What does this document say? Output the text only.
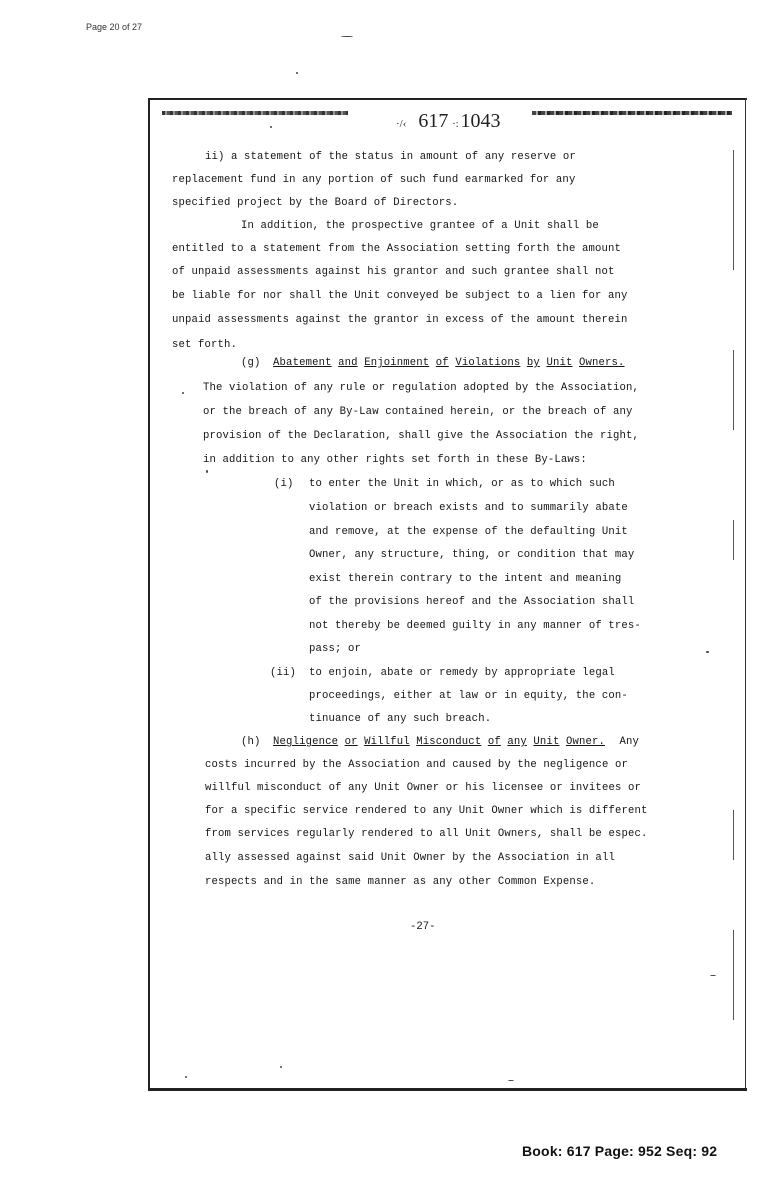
Page 20 of 27
·/‹ 617 ·: 1043
ii) a statement of the status in amount of any reserve or
replacement fund in any portion of such fund earmarked for any
specified project by the Board of Directors.
In addition, the prospective grantee of a Unit shall be
entitled to a statement from the Association setting forth the amount
of unpaid assessments against his grantor and such grantee shall not
be liable for nor shall the Unit conveyed be subject to a lien for any
unpaid assessments against the grantor in excess of the amount therein
set forth.
(g) Abatement and Enjoinment of Violations by Unit Owners.
The violation of any rule or regulation adopted by the Association,
or the breach of any By-Law contained herein, or the breach of any
provision of the Declaration, shall give the Association the right,
in addition to any other rights set forth in these By-Laws:
(i) to enter the Unit in which, or as to which such
violation or breach exists and to summarily abate
and remove, at the expense of the defaulting Unit
Owner, any structure, thing, or condition that may
exist therein contrary to the intent and meaning
of the provisions hereof and the Association shall
not thereby be deemed guilty in any manner of tres-
pass; or
(ii) to enjoin, abate or remedy by appropriate legal
proceedings, either at law or in equity, the con-
tinuance of any such breach.
(h) Negligence or Willful Misconduct of any Unit Owner. Any
costs incurred by the Association and caused by the negligence or
willful misconduct of any Unit Owner or his licensee or invitees or
for a specific service rendered to any Unit Owner which is different
from services regularly rendered to all Unit Owners, shall be espec.
ally assessed against said Unit Owner by the Association in all
respects and in the same manner as any other Common Expense.
-27-
Book: 617 Page: 952 Seq: 92
